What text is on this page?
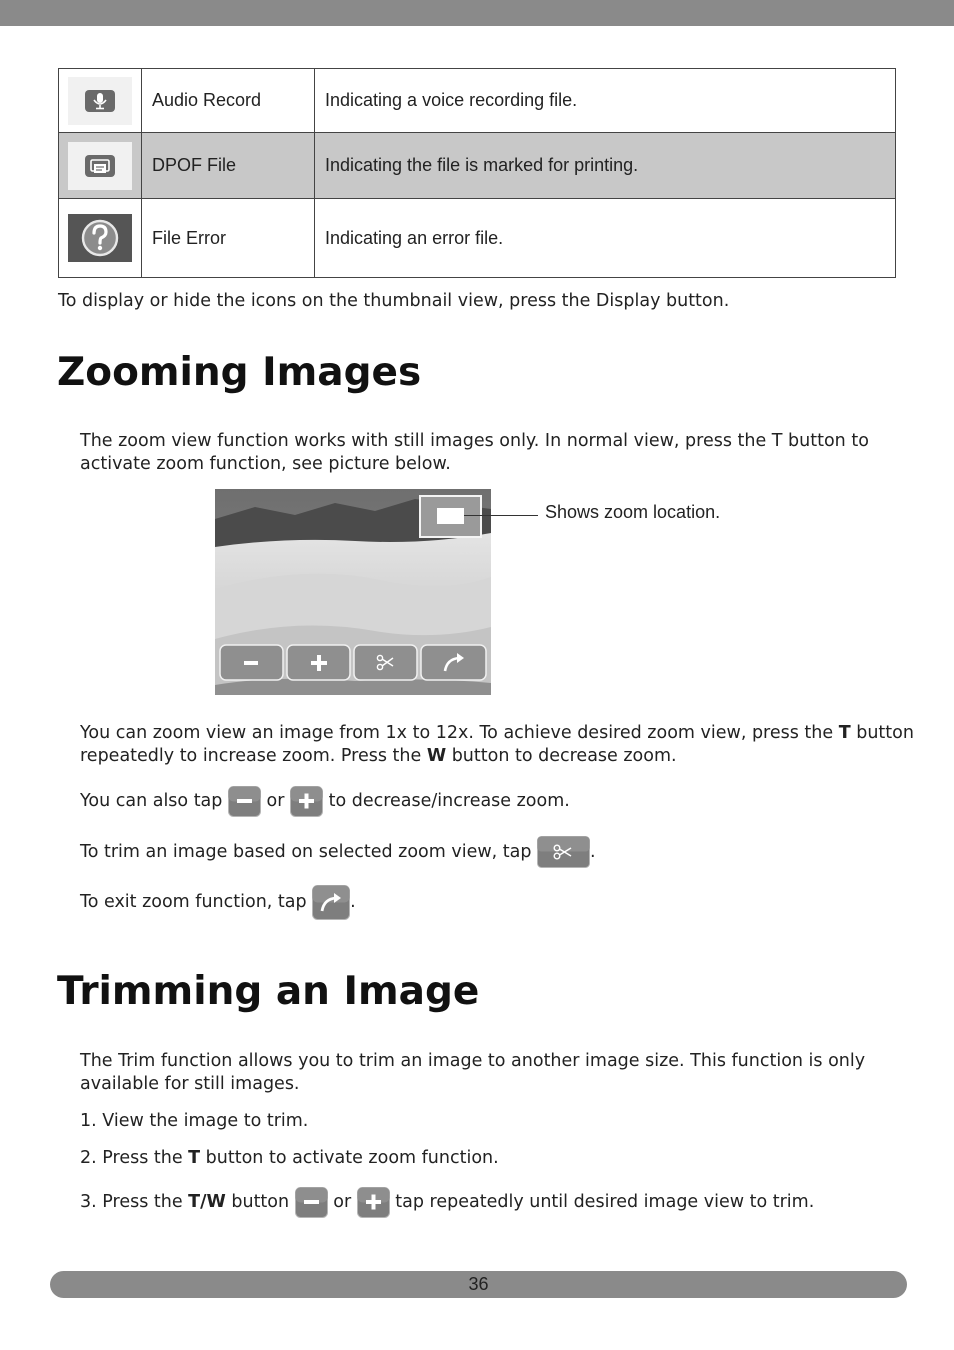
	Audio Record	Indicating a voice recording file.

	DPOF File	Indicating the file is marked for printing.

	File Error	Indicating an error file.

To display or hide the icons on the thumbnail view, press the Display button.

Zooming Images

The zoom view function works with still images only. In normal view, press the T button to
activate zoom function, see picture below.

2.0x
Shows zoom location.

You can zoom view an image from 1x to 12x. To achieve desired zoom view, press the T button
repeatedly to increase zoom. Press the W button to decrease zoom.

You can also tap
or
to decrease/increase zoom.

To trim an image based on selected zoom view, tap	.

To exit zoom function, tap
.

Trimming an Image

The Trim function allows you to trim an image to another image size. This function is only
available for still images.

1. View the image to trim.

2. Press the T button to activate zoom function.

3. Press the T/W button
or
tap repeatedly until desired image view to trim.

36
